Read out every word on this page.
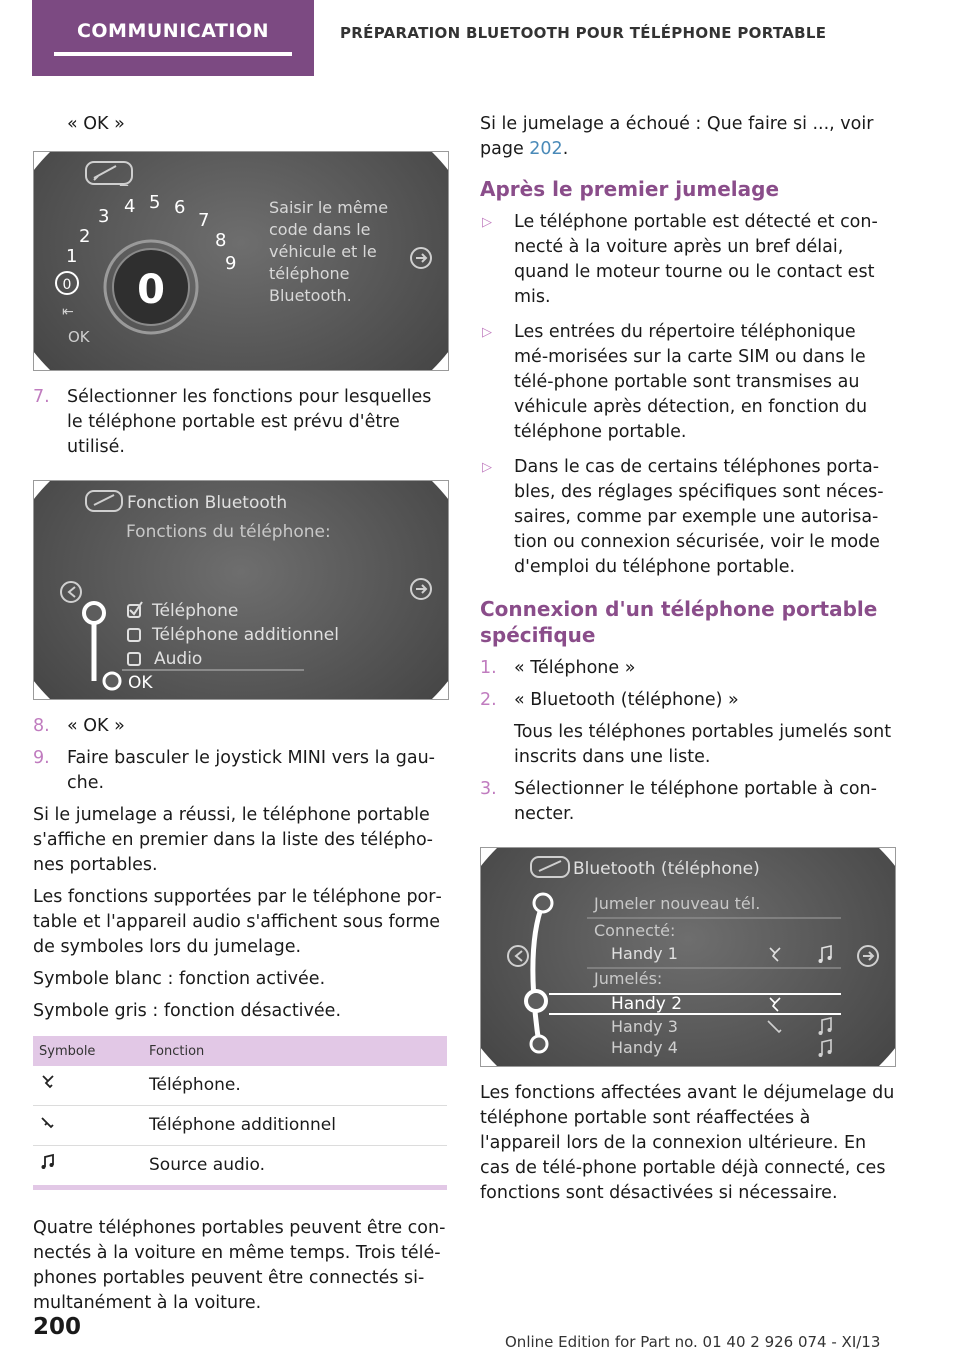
COMMUNICATION	PRÉPARATION BLUETOOTH POUR TÉLÉPHONE PORTABLE

« OK »

_
0
1
2
3 4 5 6
7
8
9
0
⇤
OK
Saisir le même
code dans le
véhicule et le
téléphone
Bluetooth.
7. Sélectionner les fonctions pour lesquelles le téléphone portable est prévu d'être utilisé.
Fonction Bluetooth
Fonctions du téléphone:
Téléphone
Téléphone additionnel
Audio
OK
8. « OK »
9. Faire basculer le joystick MINI vers la gau‐che.

Si le jumelage a réussi, le téléphone portable s'affiche en premier dans la liste des télépho‐nes portables.

Les fonctions supportées par le téléphone por‐table et l'appareil audio s'affichent sous forme de symboles lors du jumelage.

Symbole blanc : fonction activée.

Symbole gris : fonction désactivée.

Symbole	Fonction
	Téléphone.
	Téléphone additionnel
	Source audio.

Quatre téléphones portables peuvent être con‐nectés à la voiture en même temps. Trois télé‐phones portables peuvent être connectés si‐multanément à la voiture.

Si le jumelage a échoué : Que faire si ..., voir page 202.

Après le premier jumelage
▷ Le téléphone portable est détecté et con‐necté à la voiture après un bref délai, quand le moteur tourne ou le contact est mis.
▷ Les entrées du répertoire téléphonique mé‐morisées sur la carte SIM ou dans le télé‐phone portable sont transmises au véhicule après détection, en fonction du téléphone portable.
▷ Dans le cas de certains téléphones porta‐bles, des réglages spécifiques sont néces‐saires, comme par exemple une autorisa‐tion ou connexion sécurisée, voir le mode d'emploi du téléphone portable.
Connexion d'un téléphone portable spécifique
1. « Téléphone »
2. « Bluetooth (téléphone) »
Tous les téléphones portables jumelés sont inscrits dans une liste.
3. Sélectionner le téléphone portable à con‐necter.
Bluetooth (téléphone)
Jumeler nouveau tél.
Connecté:
Handy 1
Jumelés:
Handy 2
Handy 3
Handy 4

Les fonctions affectées avant le déjumelage du téléphone portable sont réaffectées à l'appareil lors de la connexion ultérieure. En cas de télé‐phone portable déjà connecté, ces fonctions sont désactivées si nécessaire.

200
Online Edition for Part no. 01 40 2 926 074 - XI/13
